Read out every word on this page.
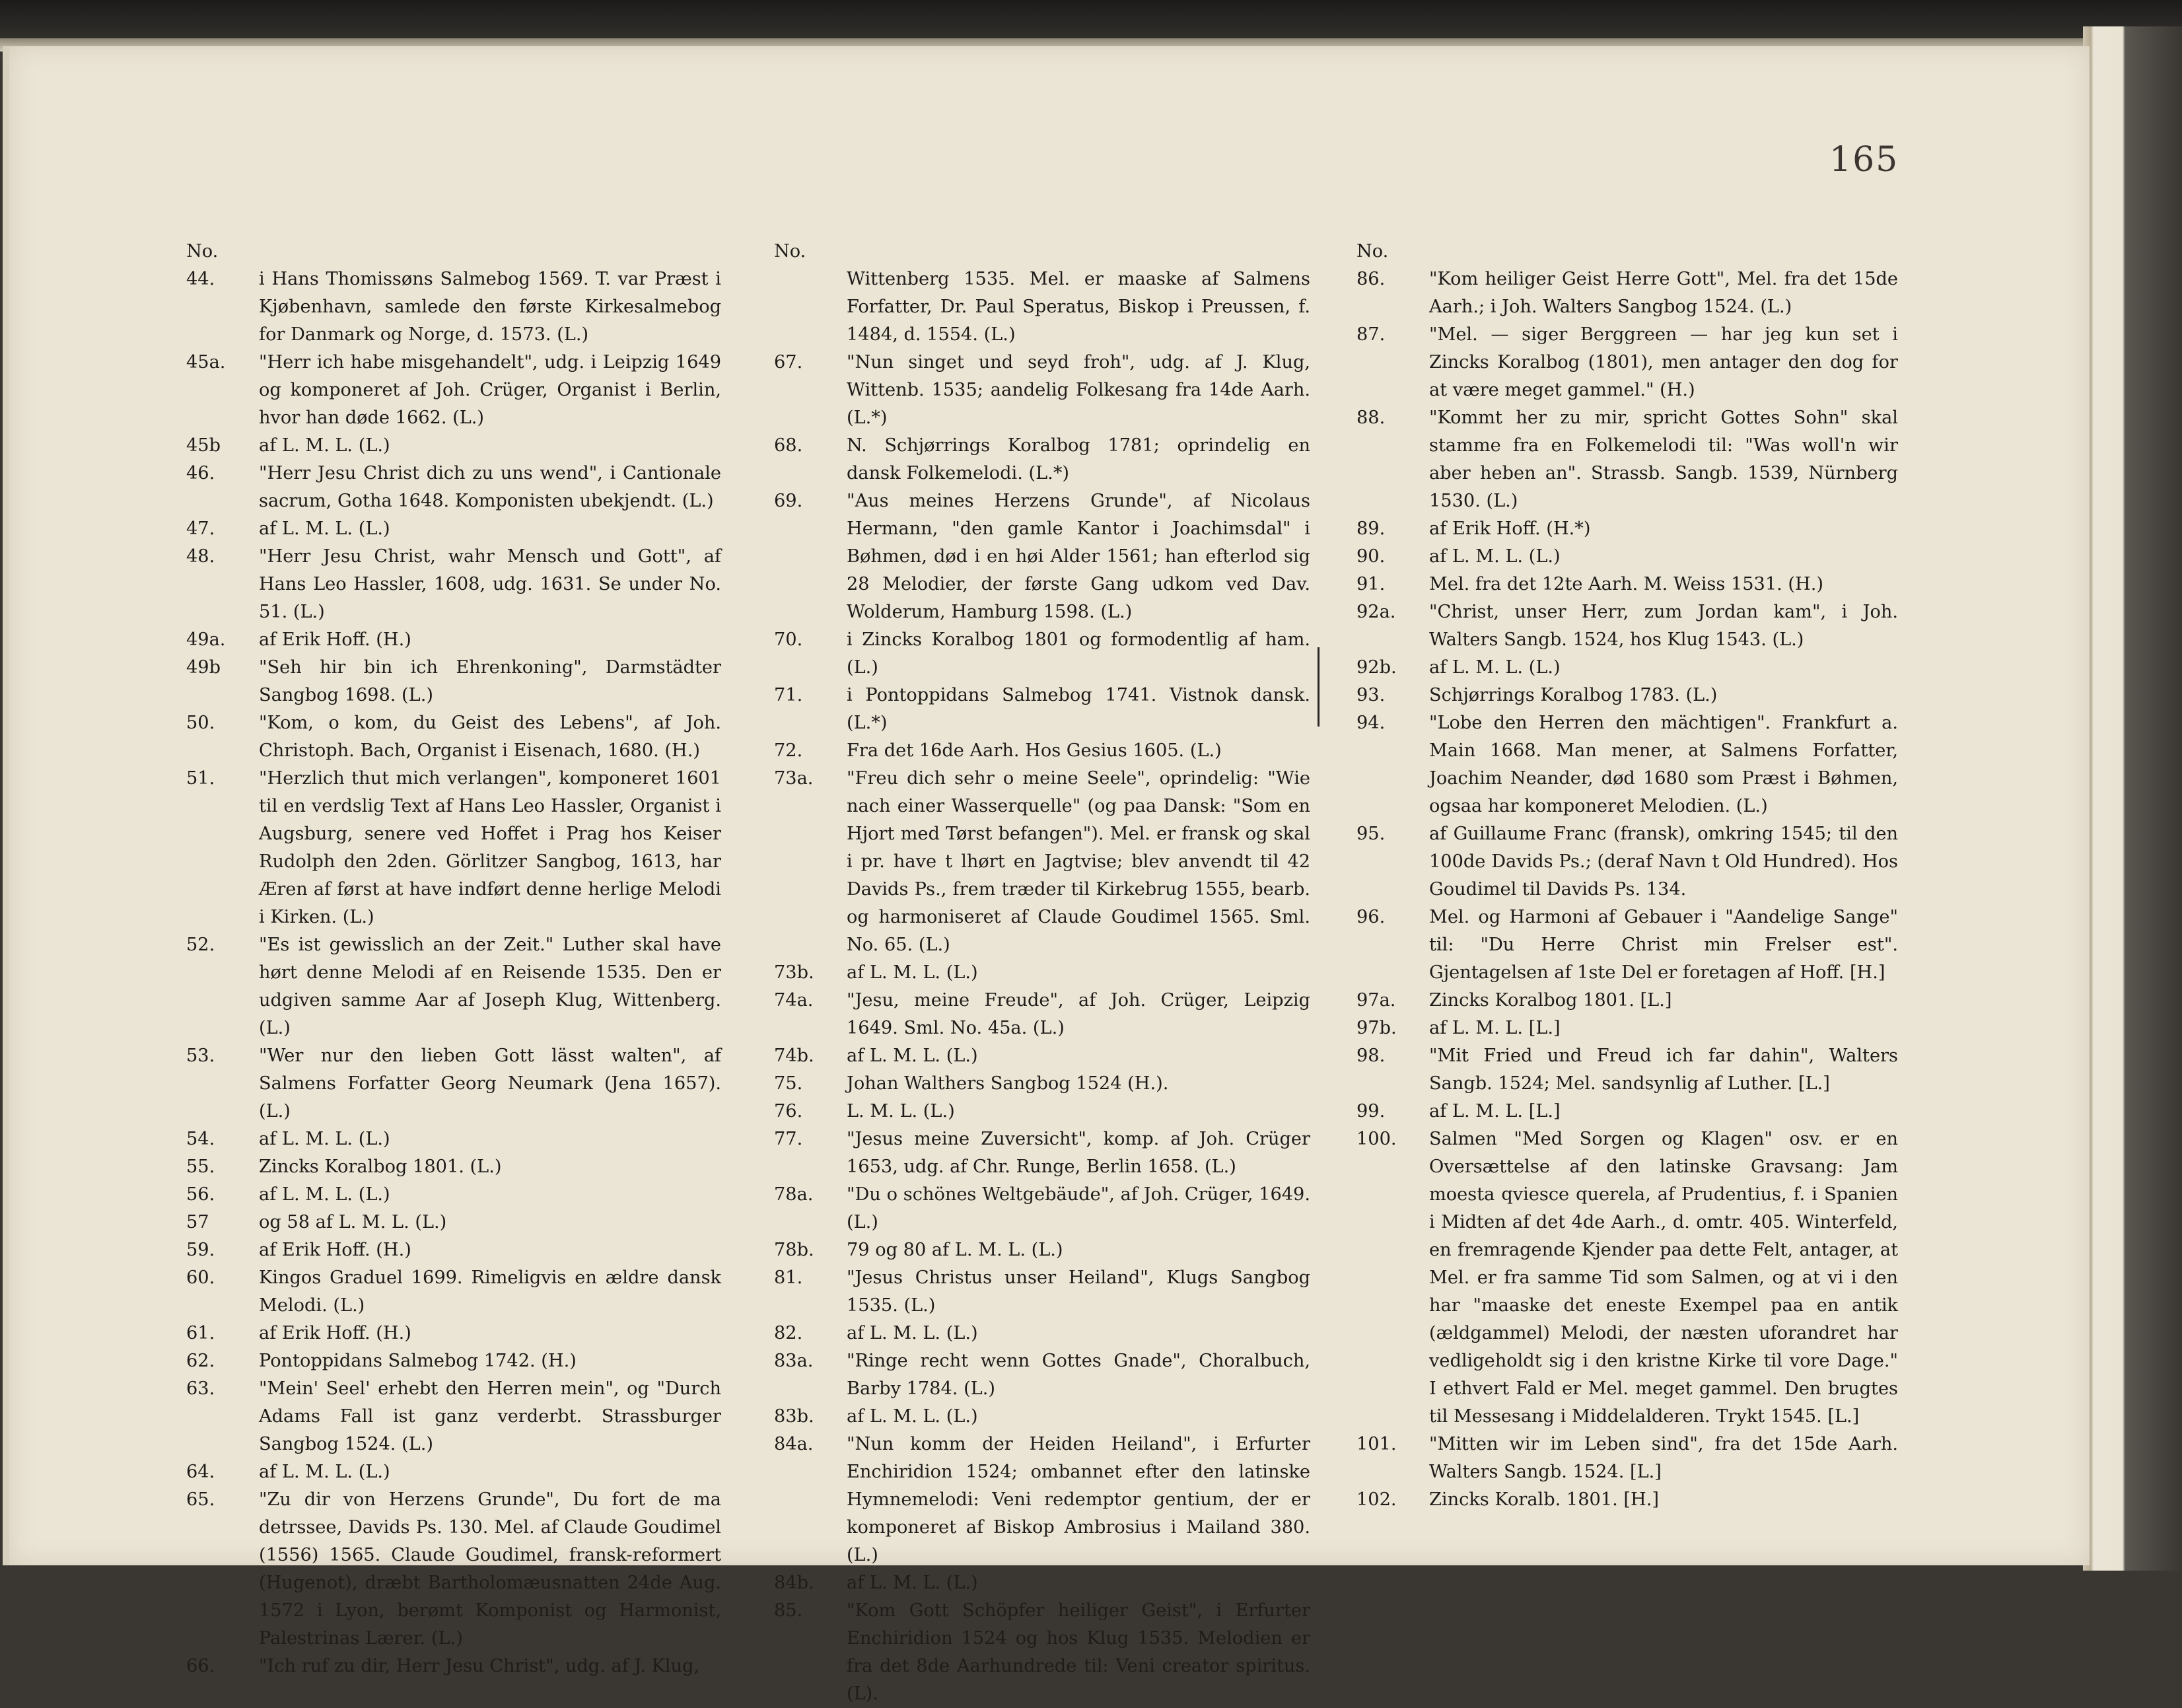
165
No.
44.	i Hans Thomissøns Salmebog 1569. T. var Præst i Kjøbenhavn, samlede den første Kirkesalmebog for Danmark og Norge, d. 1573. (L.)
45a.	"Herr ich habe misgehandelt", udg. i Leipzig 1649 og komponeret af Joh. Crüger, Organist i Berlin, hvor han døde 1662. (L.)
45b	af L. M. L. (L.)
46.	"Herr Jesu Christ dich zu uns wend", i Cantionale sacrum, Gotha 1648. Komponisten ubekjendt. (L.)
47.	af L. M. L. (L.)
48.	"Herr Jesu Christ, wahr Mensch und Gott", af Hans Leo Hassler, 1608, udg. 1631. Se under No. 51. (L.)
49a.	af Erik Hoff. (H.)
49b	"Seh hir bin ich Ehrenkoning", Darmstädter Sangbog 1698. (L.)
50.	"Kom, o kom, du Geist des Lebens", af Joh. Christoph. Bach, Organist i Eisenach, 1680. (H.)
51.	"Herzlich thut mich verlangen", komponeret 1601 til en verdslig Text af Hans Leo Hassler, Organist i Augsburg, senere ved Hoffet i Prag hos Keiser Rudolph den 2den. Görlitzer Sangbog, 1613, har Æren af først at have indført denne herlige Melodi i Kirken. (L.)
52.	"Es ist gewisslich an der Zeit." Luther skal have hørt denne Melodi af en Reisende 1535. Den er udgiven samme Aar af Joseph Klug, Wittenberg. (L.)
53.	"Wer nur den lieben Gott lässt walten", af Salmens Forfatter Georg Neumark (Jena 1657). (L.)
54.	af L. M. L. (L.)
55.	Zincks Koralbog 1801. (L.)
56.	af L. M. L. (L.)
57	og 58 af L. M. L. (L.)
59.	af Erik Hoff. (H.)
60.	Kingos Graduel 1699. Rimeligvis en ældre dansk Melodi. (L.)
61.	af Erik Hoff. (H.)
62.	Pontoppidans Salmebog 1742. (H.)
63.	"Mein' Seel' erhebt den Herren mein", og "Durch Adams Fall ist ganz verderbt. Strassburger Sangbog 1524. (L.)
64.	af L. M. L. (L.)
65.	"Zu dir von Herzens Grunde", Du fort de ma detrssee, Davids Ps. 130. Mel. af Claude Goudimel (1556) 1565. Claude Goudimel, fransk-reformert (Hugenot), dræbt Bartholomæusnatten 24de Aug. 1572 i Lyon, berømt Komponist og Harmonist, Palestrinas Lærer. (L.)
66.	"Ich ruf zu dir, Herr Jesu Christ", udg. af J. Klug,
No.
Wittenberg 1535. Mel. er maaske af Salmens Forfatter, Dr. Paul Speratus, Biskop i Preussen, f. 1484, d. 1554. (L.)
67.	"Nun singet und seyd froh", udg. af J. Klug, Wittenb. 1535; aandelig Folkesang fra 14de Aarh. (L.*)
68.	N. Schjørrings Koralbog 1781; oprindelig en dansk Folkemelodi. (L.*)
69.	"Aus meines Herzens Grunde", af Nicolaus Hermann, "den gamle Kantor i Joachimsdal" i Bøhmen, død i en høi Alder 1561; han efterlod sig 28 Melodier, der første Gang udkom ved Dav. Wolderum, Hamburg 1598. (L.)
70.	i Zincks Koralbog 1801 og formodentlig af ham. (L.)
71.	i Pontoppidans Salmebog 1741. Vistnok dansk. (L.*)
72.	Fra det 16de Aarh. Hos Gesius 1605. (L.)
73a.	"Freu dich sehr o meine Seele", oprindelig: "Wie nach einer Wasserquelle" (og paa Dansk: "Som en Hjort med Tørst befangen"). Mel. er fransk og skal i pr. have t lhørt en Jagtvise; blev anvendt til 42 Davids Ps., frem træder til Kirkebrug 1555, bearb. og harmoniseret af Claude Goudimel 1565. Sml. No. 65. (L.)
73b.	af L. M. L. (L.)
74a.	"Jesu, meine Freude", af Joh. Crüger, Leipzig 1649. Sml. No. 45a. (L.)
74b.	af L. M. L. (L.)
75.	Johan Walthers Sangbog 1524 (H.).
76.	L. M. L. (L.)
77.	"Jesus meine Zuversicht", komp. af Joh. Crüger 1653, udg. af Chr. Runge, Berlin 1658. (L.)
78a.	"Du o schönes Weltgebäude", af Joh. Crüger, 1649. (L.)
78b.	79 og 80 af L. M. L. (L.)
81.	"Jesus Christus unser Heiland", Klugs Sangbog 1535. (L.)
82.	af L. M. L. (L.)
83a.	"Ringe recht wenn Gottes Gnade", Choralbuch, Barby 1784. (L.)
83b.	af L. M. L. (L.)
84a.	"Nun komm der Heiden Heiland", i Erfurter Enchiridion 1524; ombannet efter den latinske Hymnemelodi: Veni redemptor gentium, der er komponeret af Biskop Ambrosius i Mailand 380. (L.)
84b.	af L. M. L. (L.)
85.	"Kom Gott Schöpfer heiliger Geist", i Erfurter Enchiridion 1524 og hos Klug 1535. Melodien er fra det 8de Aarhundrede til: Veni creator spiritus. (L).
No.
86.	"Kom heiliger Geist Herre Gott", Mel. fra det 15de Aarh.; i Joh. Walters Sangbog 1524. (L.)
87.	"Mel. — siger Berggreen — har jeg kun set i Zincks Koralbog (1801), men antager den dog for at være meget gammel." (H.)
88.	"Kommt her zu mir, spricht Gottes Sohn" skal stamme fra en Folkemelodi til: "Was woll'n wir aber heben an". Strassb. Sangb. 1539, Nürnberg 1530. (L.)
89.	af Erik Hoff. (H.*)
90.	af L. M. L. (L.)
91.	Mel. fra det 12te Aarh. M. Weiss 1531. (H.)
92a.	"Christ, unser Herr, zum Jordan kam", i Joh. Walters Sangb. 1524, hos Klug 1543. (L.)
92b.	af L. M. L. (L.)
93.	Schjørrings Koralbog 1783. (L.)
94.	"Lobe den Herren den mächtigen". Frankfurt a. Main 1668. Man mener, at Salmens Forfatter, Joachim Neander, død 1680 som Præst i Bøhmen, ogsaa har komponeret Melodien. (L.)
95.	af Guillaume Franc (fransk), omkring 1545; til den 100de Davids Ps.; (deraf Navn t Old Hundred). Hos Goudimel til Davids Ps. 134.
96.	Mel. og Harmoni af Gebauer i "Aandelige Sange" til: "Du Herre Christ min Frelser est". Gjentagelsen af 1ste Del er foretagen af Hoff. [H.]
97a.	Zincks Koralbog 1801. [L.]
97b.	af L. M. L. [L.]
98.	"Mit Fried und Freud ich far dahin", Walters Sangb. 1524; Mel. sandsynlig af Luther. [L.]
99.	af L. M. L. [L.]
100.	Salmen "Med Sorgen og Klagen" osv. er en Oversættelse af den latinske Gravsang: Jam moesta qviesce querela, af Prudentius, f. i Spanien i Midten af det 4de Aarh., d. omtr. 405. Winterfeld, en fremragende Kjender paa dette Felt, antager, at Mel. er fra samme Tid som Salmen, og at vi i den har "maaske det eneste Exempel paa en antik (ældgammel) Melodi, der næsten uforandret har vedligeholdt sig i den kristne Kirke til vore Dage." I ethvert Fald er Mel. meget gammel. Den brugtes til Messesang i Middelalderen. Trykt 1545. [L.]
101.	"Mitten wir im Leben sind", fra det 15de Aarh. Walters Sangb. 1524. [L.]
102.	Zincks Koralb. 1801. [H.]
